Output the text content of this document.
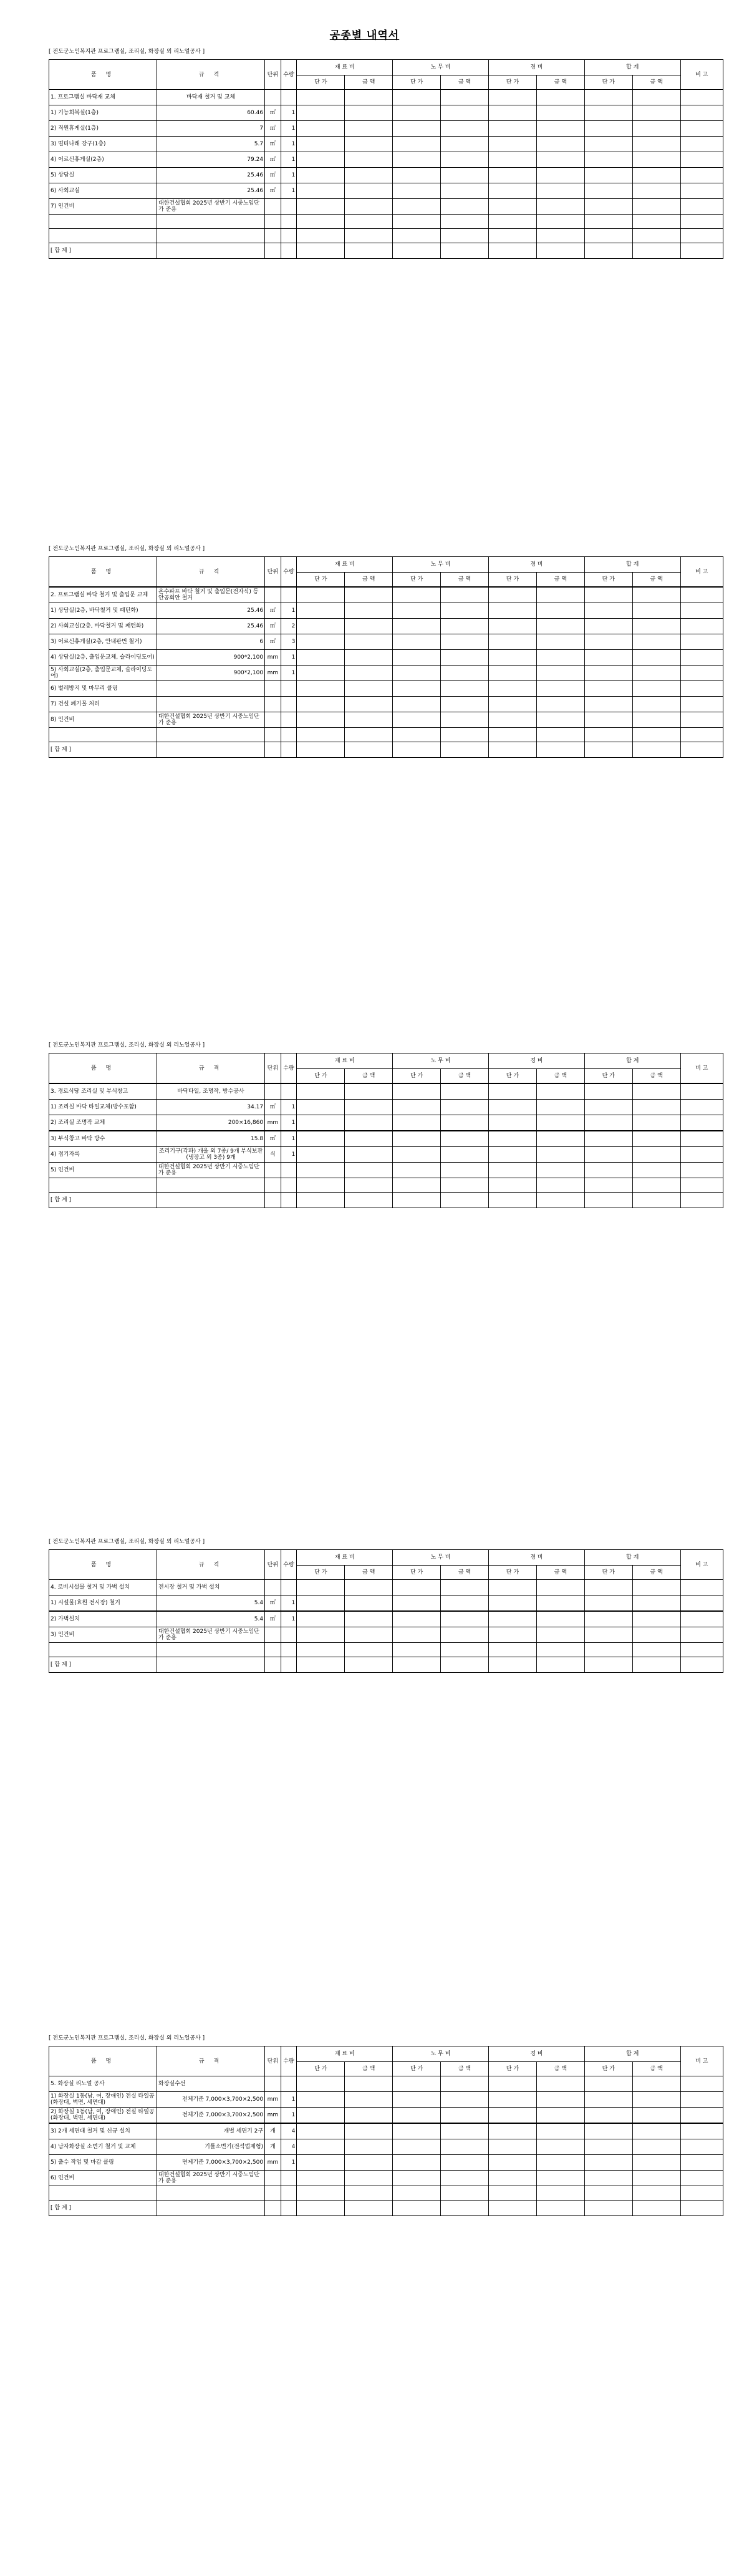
공종별 내역서
[ 전도군노인복지관 프로그램실, 조리실, 화장실 외 리노얼공사 ]
품 명	규 격	단위	수량	재 료 비		노 무 비		경 비		합 계		비 고
				단 가	금 액	단 가	금 액	단 가	금 액	단 가	금 액	
1. 프로그램실 바닥재 교체	바닥재 철거 및 교체											
1) 기능회복실(1층)	60.46	㎡	1									
2) 직원휴게실(1층)	7	㎡	1									
3) 멀티나래 강구(1층)	5.7	㎡	1									
4) 어르신휴게실(2층)	79.24	㎡	1									
5) 상담실	25.46	㎡	1									
6) 사회교실	25.46	㎡	1									
7) 인건비	대한건설협회 2025년 상반기 시중노임단가 준용											

[ 합 계 ]												
[ 전도군노인복지관 프로그램실, 조리실, 화장실 외 리노얼공사 ]
품 명	규 격	단위	수량	재 료 비		노 무 비		경 비		합 계		비 고
				단 가	금 액	단 가	금 액	단 가	금 액	단 가	금 액	
2. 프로그램실 바닥 철거 및 출입문 교체	온수파프 바닥 철거 및 출입문(전자식) 등 안공회안 철거											
1) 상담실(2층, 바닥철거 및 패턴화)	25.46	㎡	1									
2) 사회교실(2층, 바닥철거 및 패턴화)	25.46	㎡	2									
3) 어르신휴게실(2층, 안내판번 철거)	6	㎡	3									
4) 상담실(2층, 출입문교체, 슬라이딩도어)	900*2,100	mm	1									
5) 사회교실(2층, 출입문교체, 슬라이딩도어)	900*2,100	mm	1									
6) 벌레방지 및 마무리 클링												
7) 건설 폐기물 처리												
8) 인건비	대한건설협회 2025년 상반기 시중노임단가 준용											

[ 합 계 ]												
[ 전도군노인복지관 프로그램실, 조리실, 화장실 외 리노얼공사 ]
품 명	규 격	단위	수량	재 료 비		노 무 비		경 비		합 계		비 고
				단 가	금 액	단 가	금 액	단 가	금 액	단 가	금 액	
3. 경로식당 조리실 및 부식창고	바닥타일, 조명작, 방수공사											
1) 조리실 바닥 타일교체(방수포함)	34.17	㎡	1									
2) 조리실 조명작 교체	200×16,860	mm	1									
3) 부식창고 바닥 방수	15.8	㎡	1									
4) 접기자룩	조리기구(각파) 개울 외 7종/ 9개 부식보관(냉장고 외 3종) 9개	식	1									
5) 인건비	대한건설협회 2025년 상반기 시중노임단가 준용											

[ 합 계 ]												
[ 전도군노인복지관 프로그램실, 조리실, 화장실 외 리노얼공사 ]
품 명	규 격	단위	수량	재 료 비		노 무 비		경 비		합 계		비 고
				단 가	금 액	단 가	금 액	단 가	금 액	단 가	금 액	
4. 로비시설물 철거 및 가벽 설치	전시장 철거 및 가벽 설치											
1) 시설물(효원 전시장) 철거	5.4	㎡	1									
2) 가벽설치	5.4	㎡	1									
3) 인건비	대한건설협회 2025년 상반기 시중노임단가 준용											

[ 합 계 ]												
[ 전도군노인복지관 프로그램실, 조리실, 화장실 외 리노얼공사 ]
품 명	규 격	단위	수량	재 료 비		노 무 비		경 비		합 계		비 고
				단 가	금 액	단 가	금 액	단 가	금 액	단 가	금 액	
5. 화장실 리노얼 공사	화장실수선											
1) 화장실 1동(남, 여, 장애인) 전실 타일공(화장대, 벽면, 세면대)	전체기준 7,000×3,700×2,500	mm	1									
2) 화장실 1동(남, 여, 장애인) 전실 타일공(화장대, 벽면, 세면대)	전체기준 7,000×3,700×2,500	mm	1									
3) 2개 세면대 철거 및 신규 설치	개별 세면기 2구	개	4									
4) 남자화장실 소변기 철거 및 교체	기틀소변기(전석법제형)	개	4									
5) 출수 작업 및 마감 클링	면제기준 7,000×3,700×2,500	mm	1									
6) 인건비	대한건설협회 2025년 상반기 시중노임단가 준용											

[ 합 계 ]												
